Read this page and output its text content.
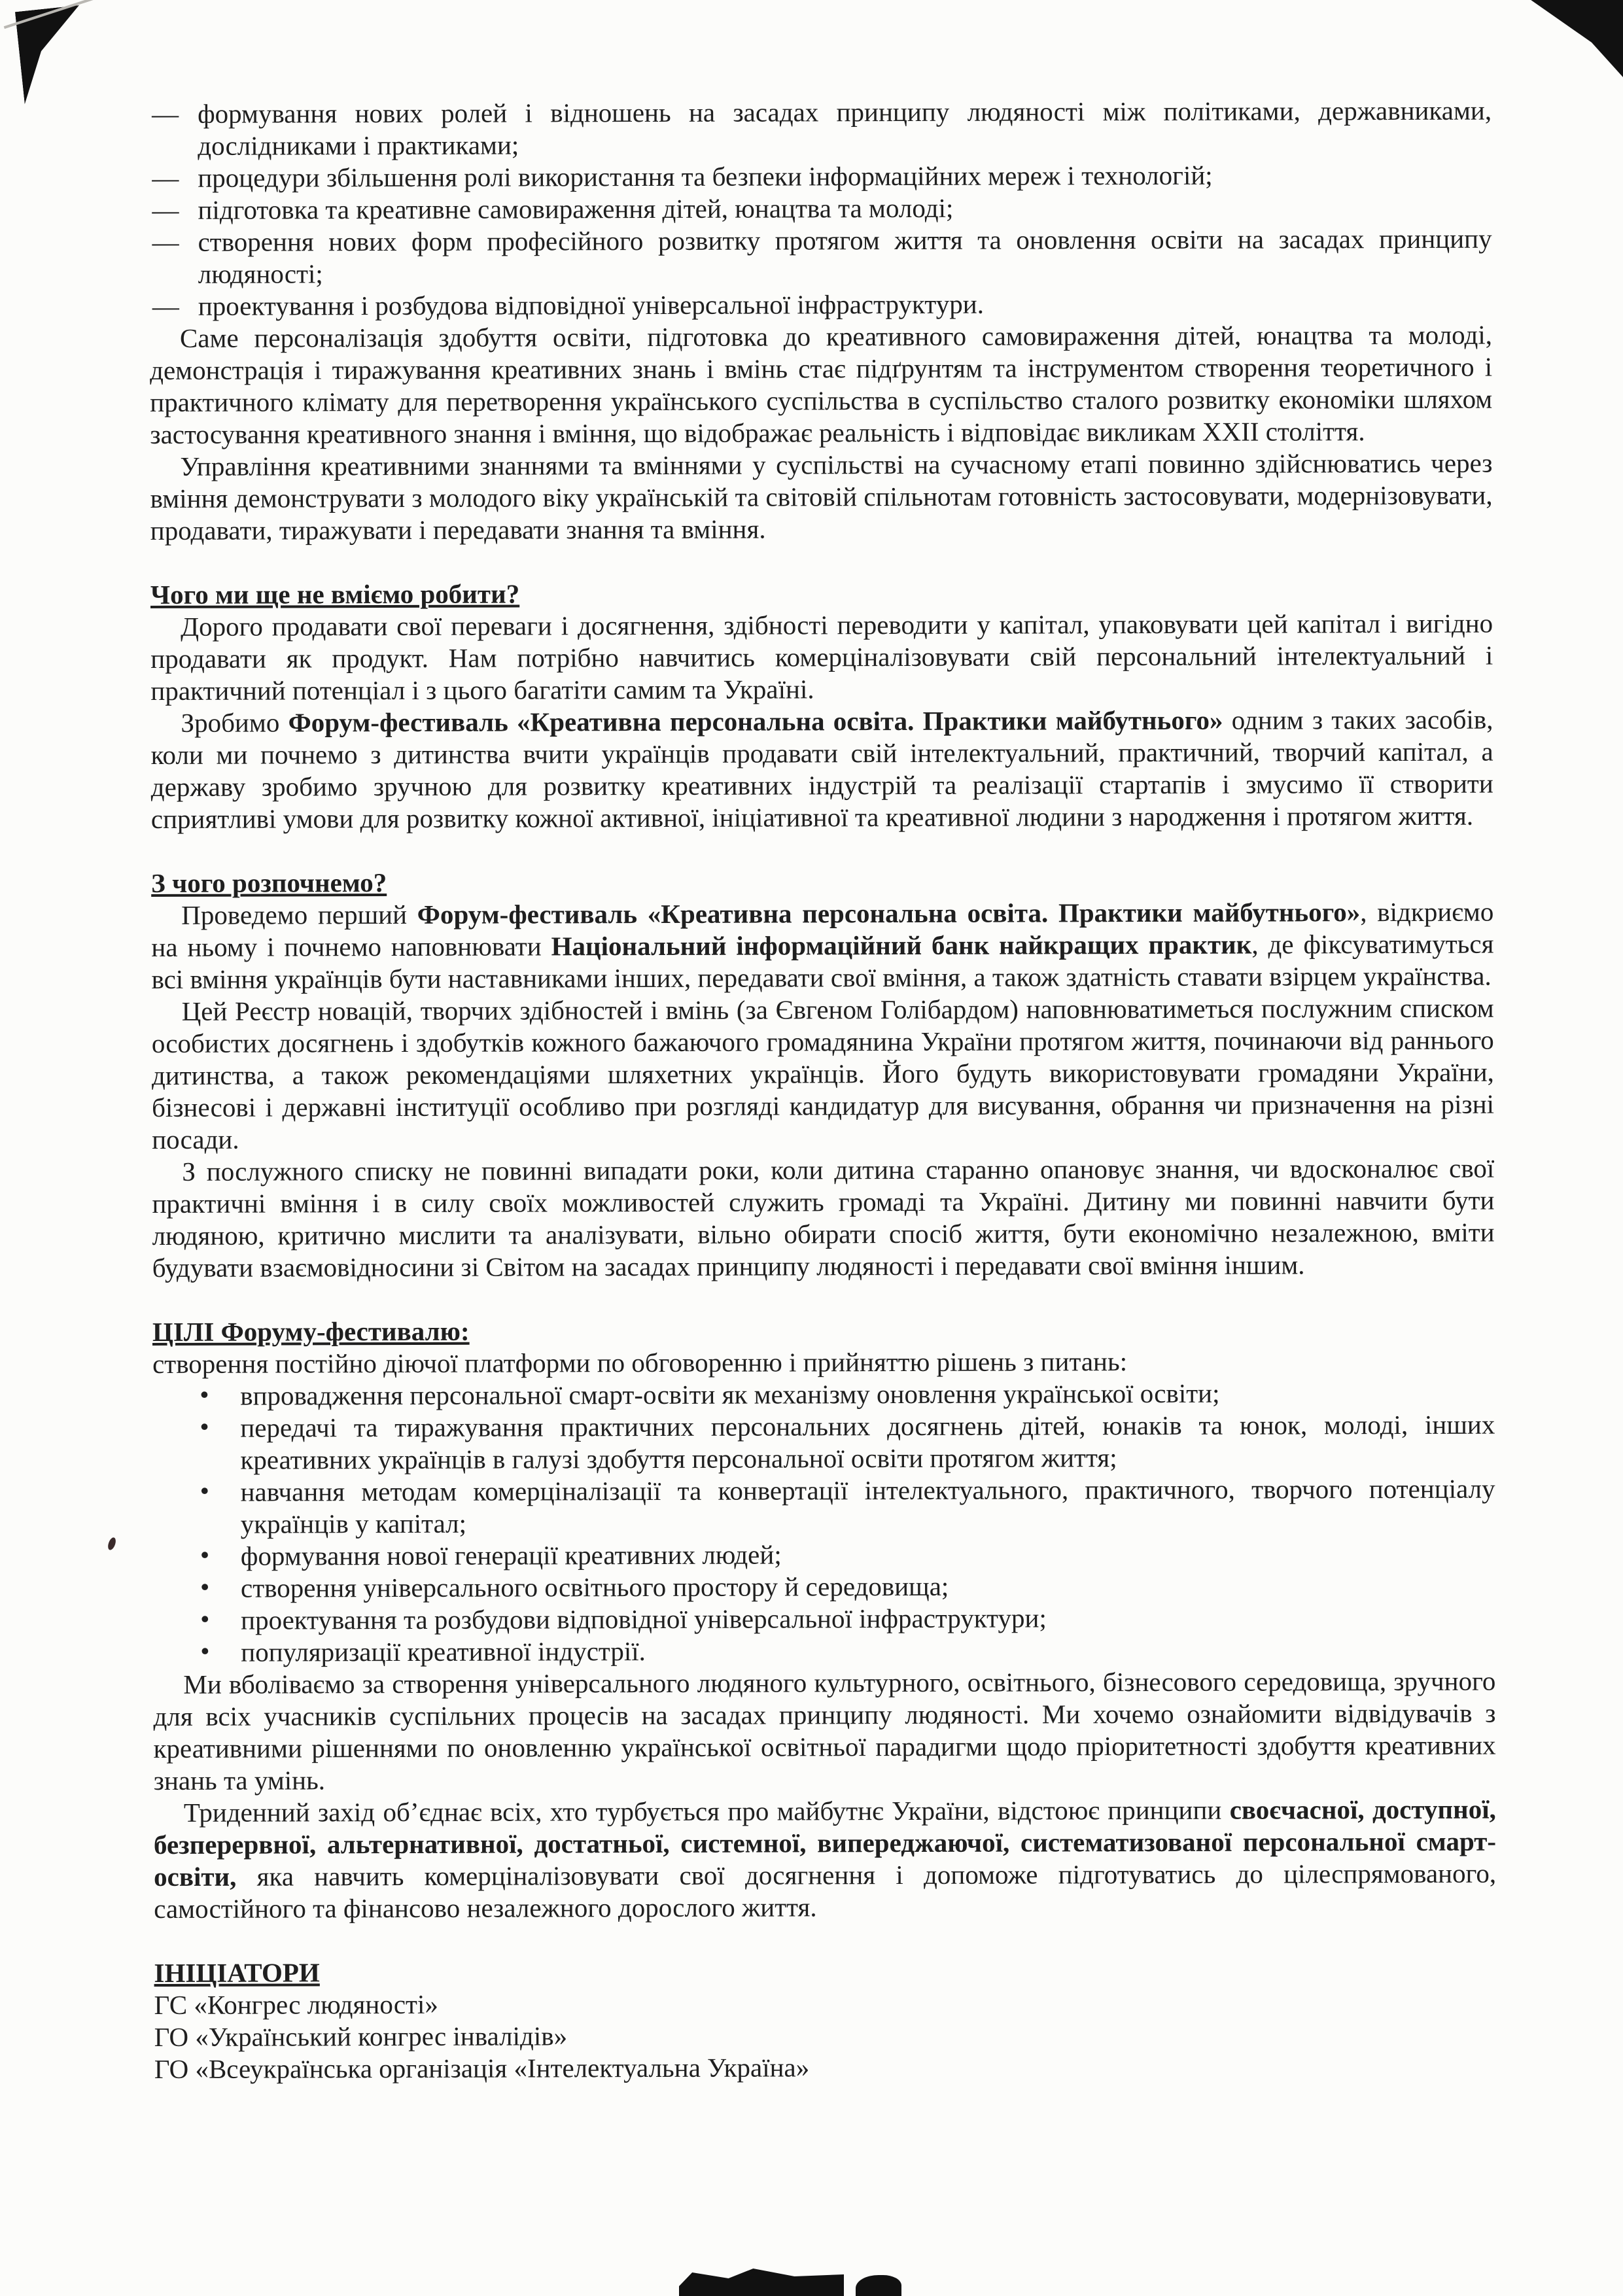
— формування нових ролей і відношень на засадах принципу людяності між політиками, державниками, дослідниками і практиками;
— процедури збільшення ролі використання та безпеки інформаційних мереж і технологій;
— підготовка та креативне самовираження дітей, юнацтва та молоді;
— створення нових форм професійного розвитку протягом життя та оновлення освіти на засадах принципу людяності;
— проектування і розбудова відповідної універсальної інфраструктури.

Саме персоналізація здобуття освіти, підготовка до креативного самовираження дітей, юнацтва та молоді, демонстрація і тиражування креативних знань і вмінь стає підґрунтям та інструментом створення теоретичного і практичного клімату для перетворення українського суспільства в суспільство сталого розвитку економіки шляхом застосування креативного знання і вміння, що відображає реальність і відповідає викликам XXII століття.

Управління креативними знаннями та вміннями у суспільстві на сучасному етапі повинно здійснюватись через вміння демонструвати з молодого віку українській та світовій спільнотам готовність застосовувати, модернізовувати, продавати, тиражувати і передавати знання та вміння.

Чого ми ще не вміємо робити?

Дорого продавати свої переваги і досягнення, здібності переводити у капітал, упаковувати цей капітал і вигідно продавати як продукт. Нам потрібно навчитись комерціналізовувати свій персональний інтелектуальний і практичний потенціал і з цього багатіти самим та Україні.

Зробимо Форум-фестиваль «Креативна персональна освіта. Практики майбутнього» одним з таких засобів, коли ми почнемо з дитинства вчити українців продавати свій інтелектуальний, практичний, творчий капітал, а державу зробимо зручною для розвитку креативних індустрій та реалізації стартапів і змусимо її створити сприятливі умови для розвитку кожної активної, ініціативної та креативної людини з народження і протягом життя.

З чого розпочнемо?

Проведемо перший Форум-фестиваль «Креативна персональна освіта. Практики майбутнього», відкриємо на ньому і почнемо наповнювати Національний інформаційний банк найкращих практик, де фіксуватимуться всі вміння українців бути наставниками інших, передавати свої вміння, а також здатність ставати взірцем українства.

Цей Реєстр новацій, творчих здібностей і вмінь (за Євгеном Голібардом) наповнюватиметься послужним списком особистих досягнень і здобутків кожного бажаючого громадянина України протягом життя, починаючи від раннього дитинства, а також рекомендаціями шляхетних українців. Його будуть використовувати громадяни України, бізнесові і державні інституції особливо при розгляді кандидатур для висування, обрання чи призначення на різні посади.

З послужного списку не повинні випадати роки, коли дитина старанно опановує знання, чи вдосконалює свої практичні вміння і в силу своїх можливостей служить громаді та Україні. Дитину ми повинні навчити бути людяною, критично мислити та аналізувати, вільно обирати спосіб життя, бути економічно незалежною, вміти будувати взаємовідносини зі Світом на засадах принципу людяності і передавати свої вміння іншим.

ЦІЛІ Форуму-фестивалю:

створення постійно діючої платформи по обговоренню і прийняттю рішень з питань:

• впровадження персональної смарт-освіти як механізму оновлення української освіти;
• передачі та тиражування практичних персональних досягнень дітей, юнаків та юнок, молоді, інших креативних українців в галузі здобуття персональної освіти протягом життя;
• навчання методам комерціналізації та конвертації інтелектуального, практичного, творчого потенціалу українців у капітал;
• формування нової генерації креативних людей;
• створення універсального освітнього простору й середовища;
• проектування та розбудови відповідної універсальної інфраструктури;
• популяризації креативної індустрії.

Ми вболіваємо за створення універсального людяного культурного, освітнього, бізнесового середовища, зручного для всіх учасників суспільних процесів на засадах принципу людяності. Ми хочемо ознайомити відвідувачів з креативними рішеннями по оновленню української освітньої парадигми щодо пріоритетності здобуття креативних знань та умінь.

Триденний захід об’єднає всіх, хто турбується про майбутнє України, відстоює принципи своєчасної, доступної, безперервної, альтернативної, достатньої, системної, випереджаючої, систематизованої персональної смарт-освіти, яка навчить комерціналізовувати свої досягнення і допоможе підготуватись до цілеспрямованого, самостійного та фінансово незалежного дорослого життя.

ІНІЦІАТОРИ
ГС «Конгрес людяності»
ГО «Український конгрес інвалідів»
ГО «Всеукраїнська організація «Інтелектуальна Україна»
